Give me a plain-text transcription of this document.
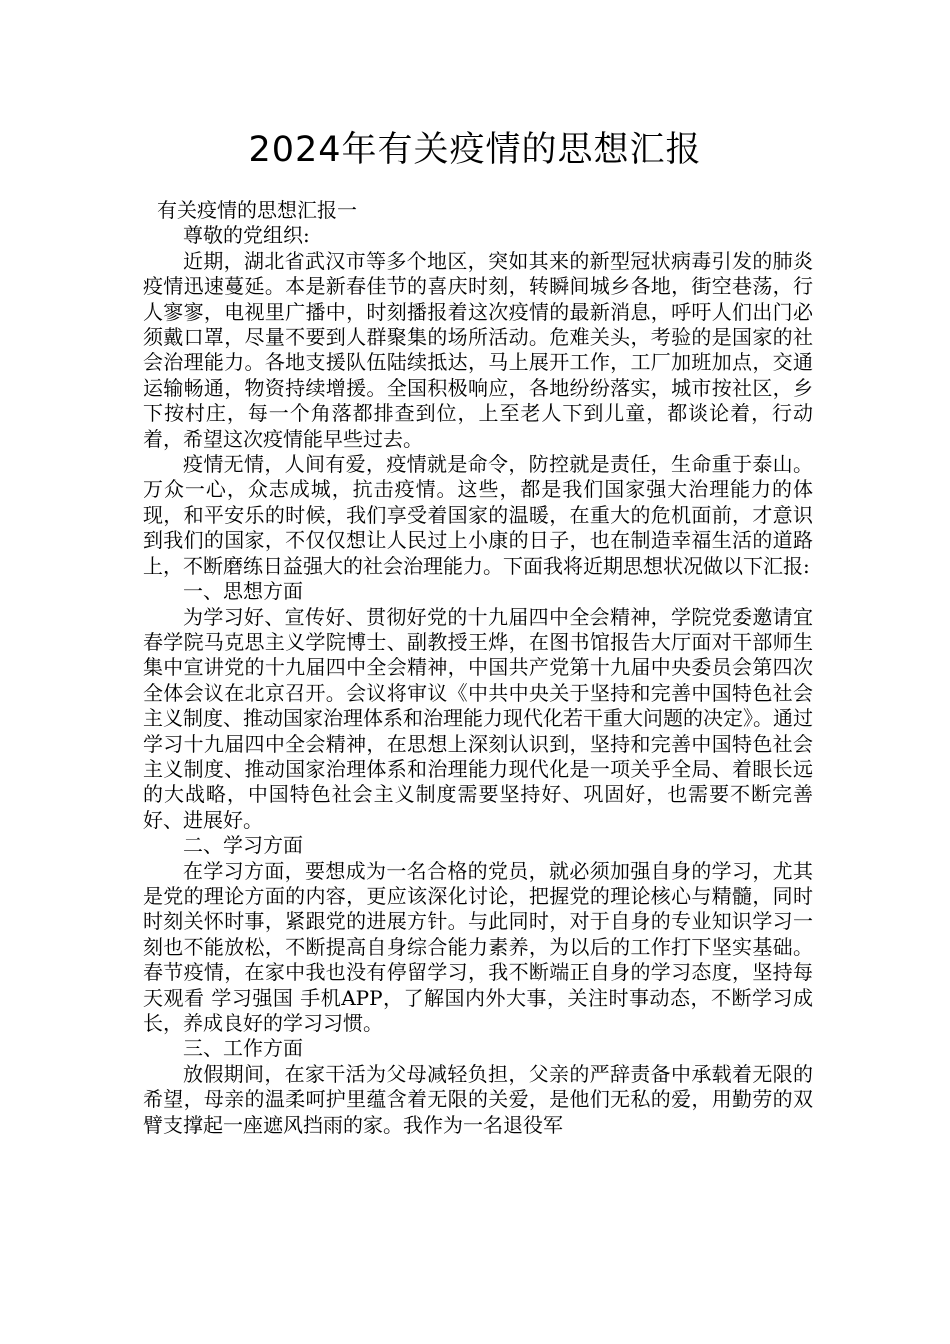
2024年有关疫情的思想汇报

有关疫情的思想汇报一

尊敬的党组织:

近期，湖北省武汉市等多个地区，突如其来的新型冠状病毒引发的肺炎疫情迅速蔓延。本是新春佳节的喜庆时刻，转瞬间城乡各地，街空巷荡，行人寥寥，电视里广播中，时刻播报着这次疫情的最新消息，呼吁人们出门必须戴口罩，尽量不要到人群聚集的场所活动。危难关头，考验的是国家的社会治理能力。各地支援队伍陆续抵达，马上展开工作，工厂加班加点，交通运输畅通，物资持续增援。全国积极响应，各地纷纷落实，城市按社区，乡下按村庄，每一个角落都排查到位，上至老人下到儿童，都谈论着，行动着，希望这次疫情能早些过去。

疫情无情，人间有爱，疫情就是命令，防控就是责任，生命重于泰山。万众一心，众志成城，抗击疫情。这些，都是我们国家强大治理能力的体现，和平安乐的时候，我们享受着国家的温暖，在重大的危机面前，才意识到我们的国家，不仅仅想让人民过上小康的日子，也在制造幸福生活的道路上，不断磨练日益强大的社会治理能力。下面我将近期思想状况做以下汇报:

一、思想方面

为学习好、宣传好、贯彻好党的十九届四中全会精神，学院党委邀请宜春学院马克思主义学院博士、副教授王烨，在图书馆报告大厅面对干部师生集中宣讲党的十九届四中全会精神，中国共产党第十九届中央委员会第四次全体会议在北京召开。会议将审议《中共中央关于坚持和完善中国特色社会主义制度、推动国家治理体系和治理能力现代化若干重大问题的决定》。通过学习十九届四中全会精神，在思想上深刻认识到，坚持和完善中国特色社会主义制度、推动国家治理体系和治理能力现代化是一项关乎全局、着眼长远的大战略，中国特色社会主义制度需要坚持好、巩固好，也需要不断完善好、进展好。

二、学习方面

在学习方面，要想成为一名合格的党员，就必须加强自身的学习，尤其是党的理论方面的内容，更应该深化讨论，把握党的理论核心与精髓，同时时刻关怀时事，紧跟党的进展方针。与此同时，对于自身的专业知识学习一刻也不能放松，不断提高自身综合能力素养，为以后的工作打下坚实基础。春节疫情，在家中我也没有停留学习，我不断端正自身的学习态度，坚持每天观看 学习强国 手机APP，了解国内外大事，关注时事动态，不断学习成长，养成良好的学习习惯。

三、工作方面

放假期间，在家干活为父母减轻负担，父亲的严辞责备中承载着无限的希望，母亲的温柔呵护里蕴含着无限的关爱，是他们无私的爱，用勤劳的双臂支撑起一座遮风挡雨的家。我作为一名退役军
